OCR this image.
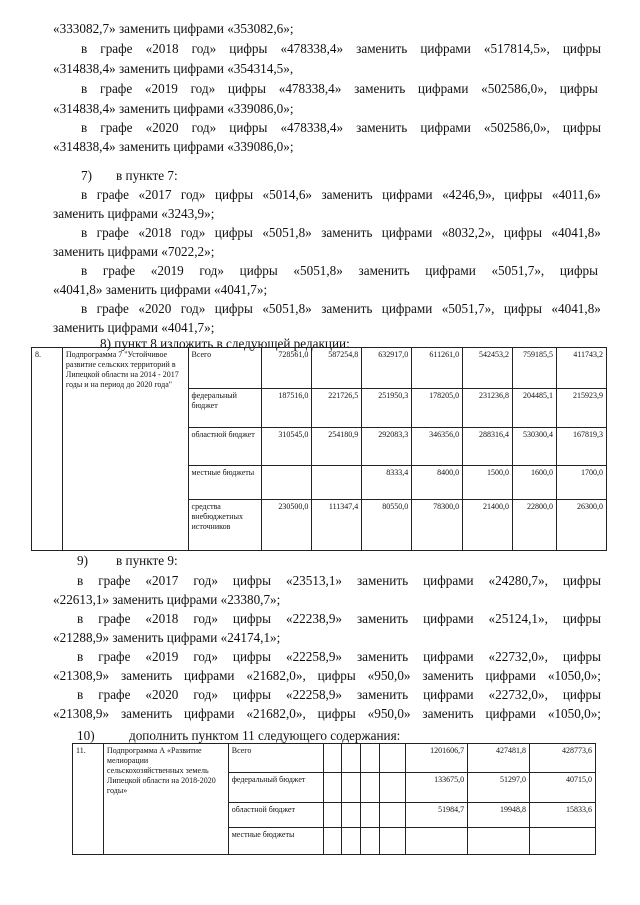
«333082,7» заменить цифрами «353082,6»;
в графе «2018 год» цифры «478338,4» заменить цифрами «517814,5», цифры
«314838,4» заменить цифрами «354314,5»,
в графе «2019 год» цифры «478338,4» заменить цифрами «502586,0», цифры
«314838,4» заменить цифрами «339086,0»;
в графе «2020 год» цифры «478338,4» заменить цифрами «502586,0», цифры
«314838,4» заменить цифрами «339086,0»;
7) в пункте 7:
в графе «2017 год» цифры «5014,6» заменить цифрами «4246,9», цифры «4011,6»
заменить цифрами «3243,9»;
в графе «2018 год» цифры «5051,8» заменить цифрами «8032,2», цифры «4041,8»
заменить цифрами «7022,2»;
в графе «2019 год» цифры «5051,8» заменить цифрами «5051,7», цифры
«4041,8» заменить цифрами «4041,7»;
в графе «2020 год» цифры «5051,8» заменить цифрами «5051,7», цифры «4041,8»
заменить цифрами «4041,7»;
8) пункт 8 изложить в следующей редакции:
8.	Подпрограмма 7 "Устойчивое развитие сельских территорий в Липецкой области на 2014 - 2017 годы и на период до 2020 года"	Всего	728561,0	587254,8	632917,0	611261,0	542453,2	759185,5	411743,2
		федеральный бюджет	187516,0	221726,5	251950,3	178205,0	231236,8	204485,1	215923,9
		областной бюджет	310545,0	254180,9	292083,3	346356,0	288316,4	530300,4	167819,3
		местные бюджеты			8333,4	8400,0	1500,0	1600,0	1700,0
		средства внебюджетных источников	230500,0	111347,4	80550,0	78300,0	21400,0	22800,0	26300,0
9) в пункте 9:
в графе «2017 год» цифры «23513,1» заменить цифрами «24280,7», цифры
«22613,1» заменить цифрами «23380,7»;
в графе «2018 год» цифры «22238,9» заменить цифрами «25124,1», цифры
«21288,9» заменить цифрами «24174,1»;
в графе «2019 год» цифры «22258,9» заменить цифрами «22732,0», цифры
«21308,9» заменить цифрами «21682,0», цифры «950,0» заменить цифрами «1050,0»;
в графе «2020 год» цифры «22258,9» заменить цифрами «22732,0», цифры
«21308,9» заменить цифрами «21682,0», цифры «950,0» заменить цифрами «1050,0»;
10)	дополнить пунктом 11 следующего содержания:
11.	Подпрограмма А «Развитие мелиорации сельскохозяйственных земель Липецкой области на 2018-2020 годы»	Всего					1201606,7	427481,8	428773,6
		федеральный бюджет					133675,0	51297,0	40715,0
		областной бюджет					51984,7	19948,8	15833,6
		местные бюджеты							
